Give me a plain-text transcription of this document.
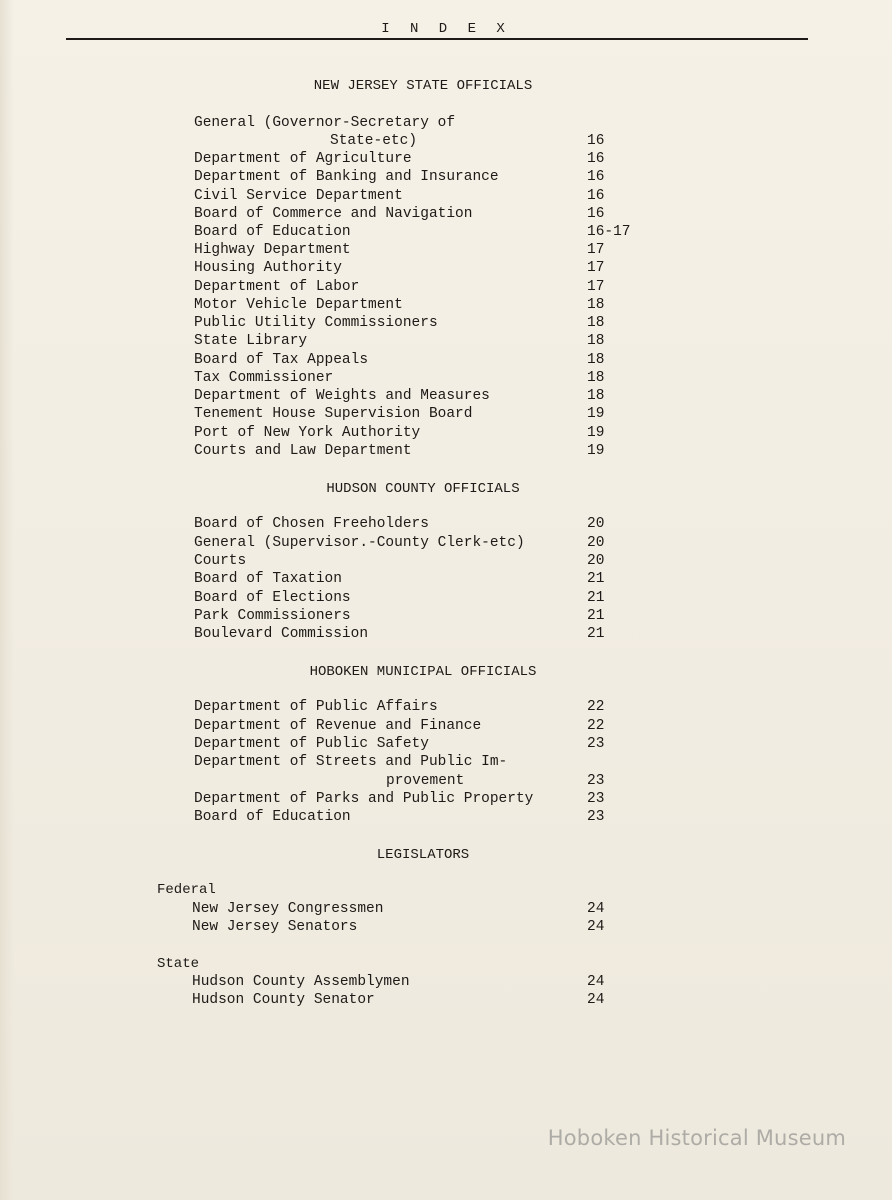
I N D E X
NEW JERSEY STATE OFFICIALS
General (Governor-Secretary of
State-etc)	16
Department of Agriculture	16
Department of Banking and Insurance	16
Civil Service Department	16
Board of Commerce and Navigation	16
Board of Education	16-17
Highway Department	17
Housing Authority	17
Department of Labor	17
Motor Vehicle Department	18
Public Utility Commissioners	18
State Library	18
Board of Tax Appeals	18
Tax Commissioner	18
Department of Weights and Measures	18
Tenement House Supervision Board	19
Port of New York Authority	19
Courts and Law Department	19
HUDSON COUNTY OFFICIALS
Board of Chosen Freeholders	20
General (Supervisor.-County Clerk-etc)	20
Courts	20
Board of Taxation	21
Board of Elections	21
Park Commissioners	21
Boulevard Commission	21
HOBOKEN MUNICIPAL OFFICIALS
Department of Public Affairs	22
Department of Revenue and Finance	22
Department of Public Safety	23
Department of Streets and Public Im-
provement	23
Department of Parks and Public Property	23
Board of Education	23
LEGISLATORS
Federal
New Jersey Congressmen	24
New Jersey Senators	24
State
Hudson County Assemblymen	24
Hudson County Senator	24
Hoboken Historical Museum
